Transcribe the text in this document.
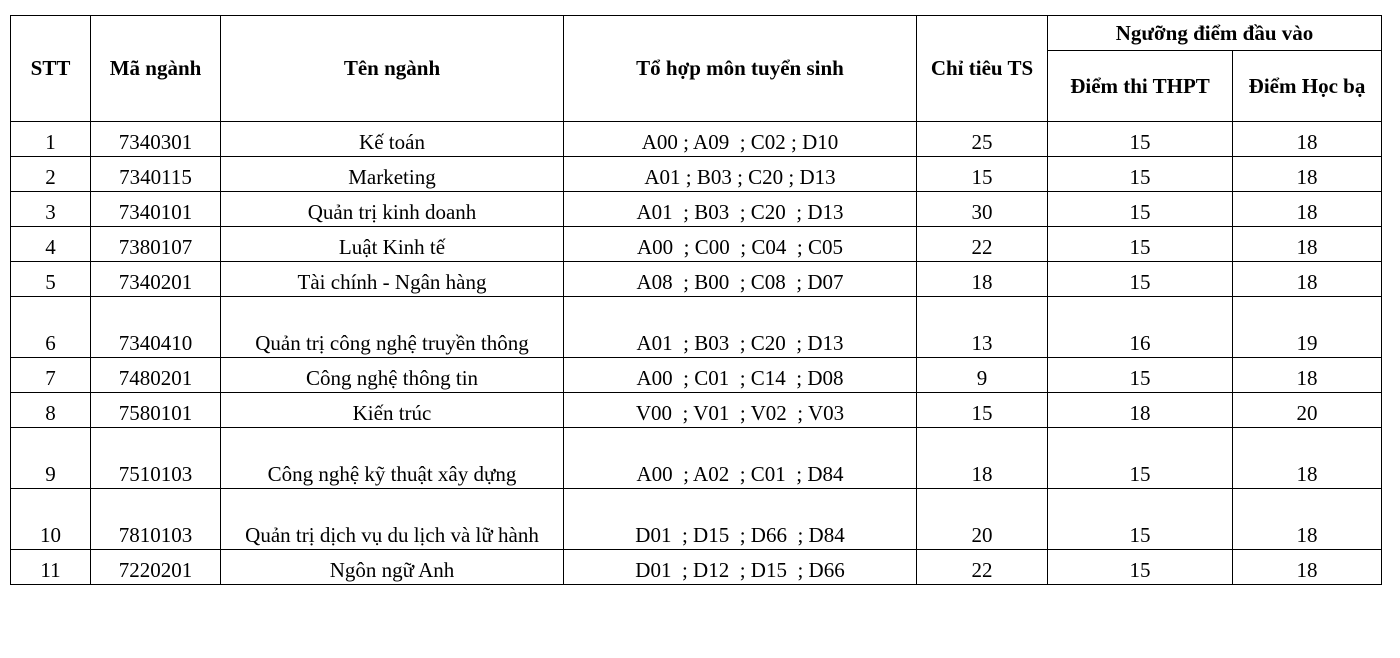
STT	Mã ngành	Tên ngành	Tổ hợp môn tuyển sinh	Chỉ tiêu TS	Ngưỡng điểm đầu vào	
					Điểm thi THPT	Điểm Học bạ
1	7340301	Kế toán	A00 ; A09  ; C02 ; D10	25	15	18
2	7340115	Marketing	A01 ; B03 ; C20 ; D13	15	15	18
3	7340101	Quản trị kinh doanh	A01  ; B03  ; C20  ; D13	30	15	18
4	7380107	Luật Kinh tế	A00  ; C00  ; C04  ; C05	22	15	18
5	7340201	Tài chính - Ngân hàng	A08  ; B00  ; C08  ; D07	18	15	18
6	7340410	Quản trị công nghệ truyền thông	A01  ; B03  ; C20  ; D13	13	16	19
7	7480201	Công nghệ thông tin	A00  ; C01  ; C14  ; D08	9	15	18
8	7580101	Kiến trúc	V00  ; V01  ; V02  ; V03	15	18	20
9	7510103	Công nghệ kỹ thuật xây dựng	A00  ; A02  ; C01  ; D84	18	15	18
10	7810103	Quản trị dịch vụ du lịch và lữ hành	D01  ; D15  ; D66  ; D84	20	15	18
11	7220201	Ngôn ngữ Anh	D01  ; D12  ; D15  ; D66	22	15	18
